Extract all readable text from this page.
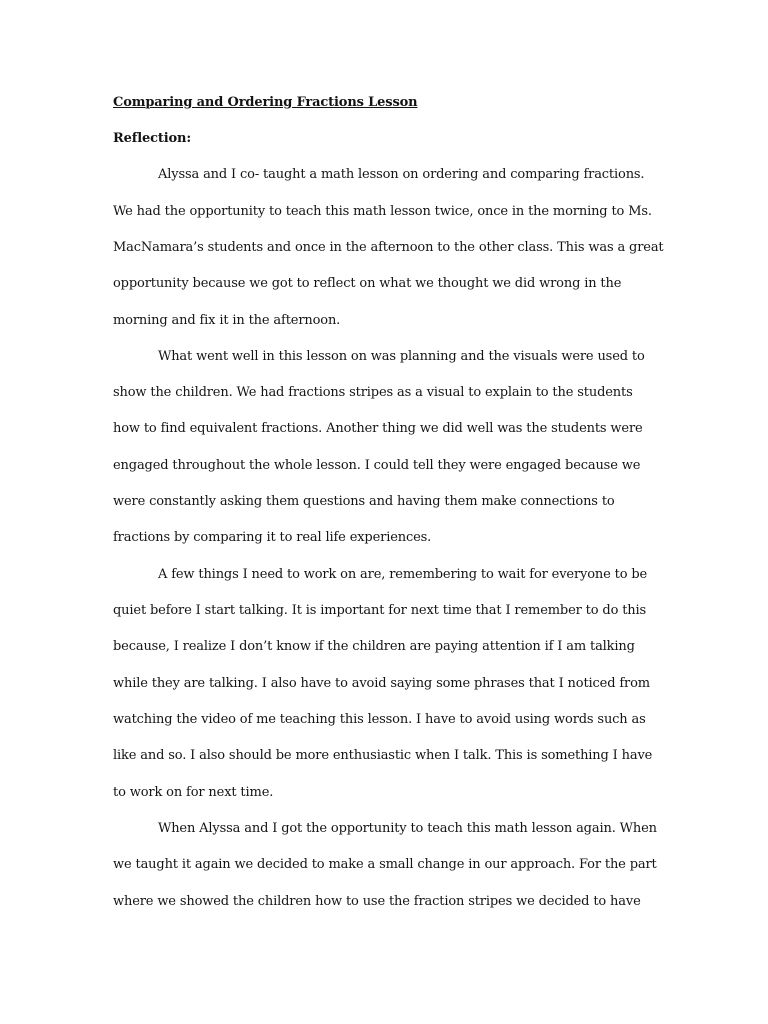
Comparing and Ordering Fractions Lesson
Reflection:
Alyssa and I co- taught a math lesson on ordering and comparing fractions.
We had the opportunity to teach this math lesson twice, once in the morning to Ms.
MacNamara’s students and once in the afternoon to the other class. This was a great
opportunity because we got to reflect on what we thought we did wrong in the
morning and fix it in the afternoon.
What went well in this lesson on was planning and the visuals were used to
show the children. We had fractions stripes as a visual to explain to the students
how to find equivalent fractions. Another thing we did well was the students were
engaged throughout the whole lesson. I could tell they were engaged because we
were constantly asking them questions and having them make connections to
fractions by comparing it to real life experiences.
A few things I need to work on are, remembering to wait for everyone to be
quiet before I start talking. It is important for next time that I remember to do this
because, I realize I don’t know if the children are paying attention if I am talking
while they are talking. I also have to avoid saying some phrases that I noticed from
watching the video of me teaching this lesson. I have to avoid using words such as
like and so. I also should be more enthusiastic when I talk. This is something I have
to work on for next time.
When Alyssa and I got the opportunity to teach this math lesson again. When
we taught it again we decided to make a small change in our approach. For the part
where we showed the children how to use the fraction stripes we decided to have
